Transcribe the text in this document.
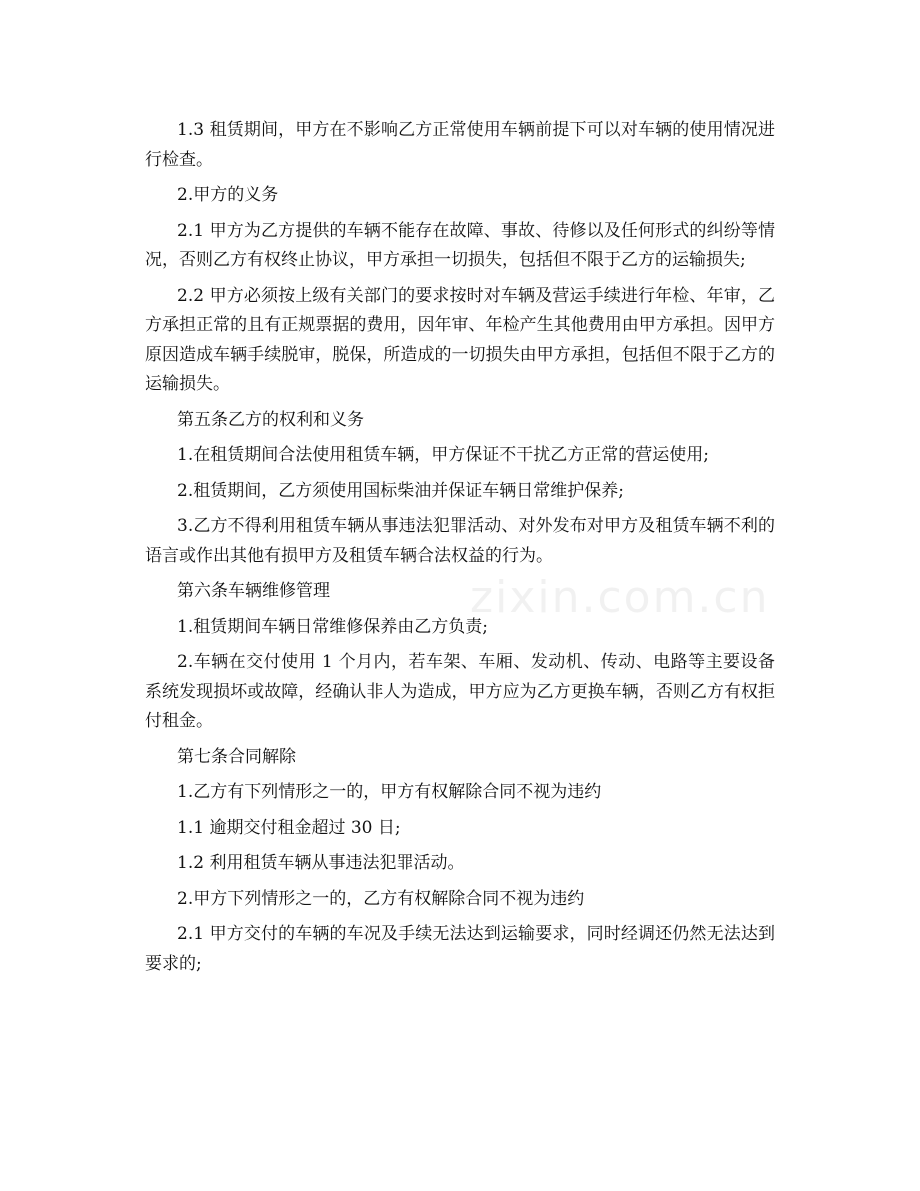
1.3 租赁期间，甲方在不影响乙方正常使用车辆前提下可以对车辆的使用情况进行检查。

2.甲方的义务

2.1 甲方为乙方提供的车辆不能存在故障、事故、待修以及任何形式的纠纷等情况，否则乙方有权终止协议，甲方承担一切损失，包括但不限于乙方的运输损失;

2.2 甲方必须按上级有关部门的要求按时对车辆及营运手续进行年检、年审，乙方承担正常的且有正规票据的费用，因年审、年检产生其他费用由甲方承担。因甲方原因造成车辆手续脱审，脱保，所造成的一切损失由甲方承担，包括但不限于乙方的运输损失。

第五条乙方的权利和义务

1.在租赁期间合法使用租赁车辆，甲方保证不干扰乙方正常的营运使用;

2.租赁期间，乙方须使用国标柴油并保证车辆日常维护保养;

3.乙方不得利用租赁车辆从事违法犯罪活动、对外发布对甲方及租赁车辆不利的语言或作出其他有损甲方及租赁车辆合法权益的行为。

第六条车辆维修管理

1.租赁期间车辆日常维修保养由乙方负责;

2.车辆在交付使用 1 个月内，若车架、车厢、发动机、传动、电路等主要设备系统发现损坏或故障，经确认非人为造成，甲方应为乙方更换车辆，否则乙方有权拒付租金。

第七条合同解除

1.乙方有下列情形之一的，甲方有权解除合同不视为违约

1.1 逾期交付租金超过 30 日;

1.2 利用租赁车辆从事违法犯罪活动。

2.甲方下列情形之一的，乙方有权解除合同不视为违约

2.1 甲方交付的车辆的车况及手续无法达到运输要求，同时经调还仍然无法达到要求的;

zixin.com.cn
